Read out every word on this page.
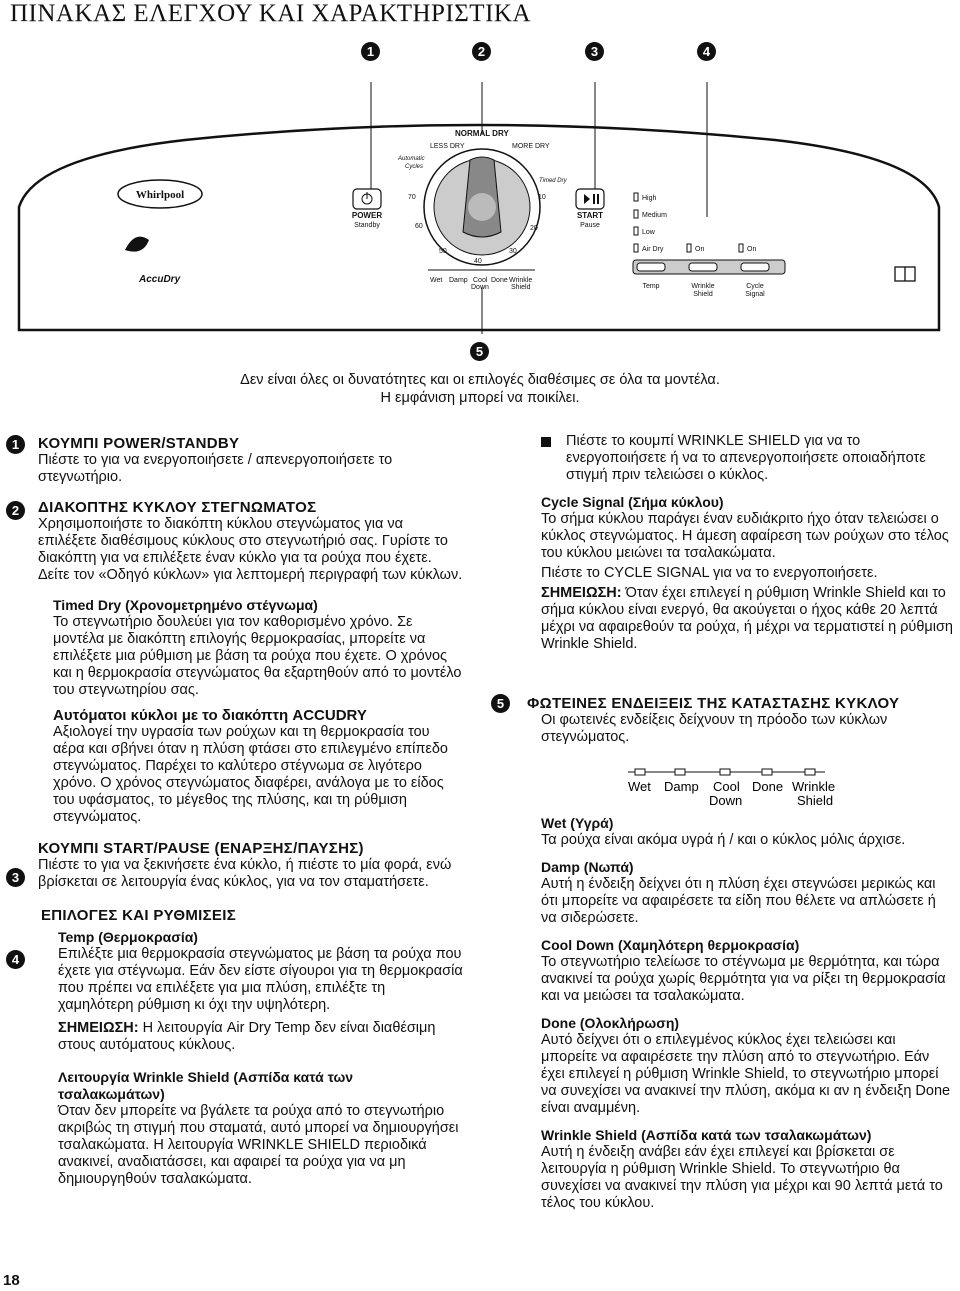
ΠΙΝΑΚΑΣ ΕΛΕΓΧΟΥ ΚΑΙ ΧΑΡΑΚΤΗΡΙΣΤΙΚΑ
1	2	3	4
Whirlpool
AccuDry
POWER
Standby
LESS DRY
NORMAL DRY
MORE DRY
Automatic
Cycles
Timed Dry
70
60
50
40
30
20
10
Wet Damp Cool Done Wrinkle
Down	Shield
START
Pause
High
Medium
Low
Air Dry	On	On
Temp	Wrinkle
Shield
Cycle
Signal
5
Δεν είναι όλες οι δυνατότητες και οι επιλογές διαθέσιμες σε όλα τα μοντέλα.
Η εμφάνιση μπορεί να ποικίλει.
1
2
3
4
5

ΚΟΥΜΠΙ POWER/STANDBY

Πιέστε το για να ενεργοποιήσετε / απενεργοποιήσετε το στεγνωτήριο.

ΔΙΑΚΟΠΤΗΣ ΚΥΚΛΟΥ ΣΤΕΓΝΩΜΑΤΟΣ

Χρησιμοποιήστε το διακόπτη κύκλου στεγνώματος για να επιλέξετε διαθέσιμους κύκλους στο στεγνωτήριό σας. Γυρίστε το διακόπτη για να επιλέξετε έναν κύκλο για τα ρούχα που έχετε. Δείτε τον «Οδηγό κύκλων» για λεπτομερή περιγραφή των κύκλων.

Timed Dry (Χρονομετρημένο στέγνωμα)

Το στεγνωτήριο δουλεύει για τον καθορισμένο χρόνο. Σε μοντέλα με διακόπτη επιλογής θερμοκρασίας, μπορείτε να επιλέξετε μια ρύθμιση με βάση τα ρούχα που έχετε. Ο χρόνος και η θερμοκρασία στεγνώματος θα εξαρτηθούν από το μοντέλο του στεγνωτηρίου σας.

Αυτόματοι κύκλοι με το διακόπτη ACCUDRY

Αξιολογεί την υγρασία των ρούχων και τη θερμοκρασία του αέρα και σβήνει όταν η πλύση φτάσει στο επιλεγμένο επίπεδο στεγνώματος. Παρέχει το καλύτερο στέγνωμα σε λιγότερο χρόνο. Ο χρόνος στεγνώματος διαφέρει, ανάλογα με το είδος του υφάσματος, το μέγεθος της πλύσης, και τη ρύθμιση στεγνώματος.

ΚΟΥΜΠΙ START/PAUSE (ΕΝΑΡΞΗΣ/ΠΑΥΣΗΣ)

Πιέστε το για να ξεκινήσετε ένα κύκλο, ή πιέστε το μία φορά, ενώ βρίσκεται σε λειτουργία ένας κύκλος, για να τον σταματήσετε.

ΕΠΙΛΟΓΕΣ ΚΑΙ ΡΥΘΜΙΣΕΙΣ

Temp (Θερμοκρασία)

Επιλέξτε μια θερμοκρασία στεγνώματος με βάση τα ρούχα που έχετε για στέγνωμα. Εάν δεν είστε σίγουροι για τη θερμοκρασία που πρέπει να επιλέξετε για μια πλύση, επιλέξτε τη χαμηλότερη ρύθμιση κι όχι την υψηλότερη.

ΣΗΜΕΙΩΣΗ: Η λειτουργία Air Dry Temp δεν είναι διαθέσιμη στους αυτόματους κύκλους.

Λειτουργία Wrinkle Shield (Ασπίδα κατά των τσαλακωμάτων)

Όταν δεν μπορείτε να βγάλετε τα ρούχα από το στεγνωτήριο ακριβώς τη στιγμή που σταματά, αυτό μπορεί να δημιουργήσει τσαλακώματα. Η λειτουργία WRINKLE SHIELD περιοδικά ανακινεί, αναδιατάσσει, και αφαιρεί τα ρούχα για να μη δημιουργηθούν τσαλακώματα.

Πιέστε το κουμπί WRINKLE SHIELD για να το ενεργοποιήσετε ή να το απενεργοποιήσετε οποιαδήποτε στιγμή πριν τελειώσει ο κύκλος.

Cycle Signal (Σήμα κύκλου)

Το σήμα κύκλου παράγει έναν ευδιάκριτο ήχο όταν τελειώσει ο κύκλος στεγνώματος. Η άμεση αφαίρεση των ρούχων στο τέλος του κύκλου μειώνει τα τσαλακώματα.

Πιέστε το CYCLE SIGNAL για να το ενεργοποιήσετε.

ΣΗΜΕΙΩΣΗ: Όταν έχει επιλεγεί η ρύθμιση Wrinkle Shield και το σήμα κύκλου είναι ενεργό, θα ακούγεται ο ήχος κάθε 20 λεπτά μέχρι να αφαιρεθούν τα ρούχα, ή μέχρι να τερματιστεί η ρύθμιση Wrinkle Shield.

ΦΩΤΕΙΝΕΣ ΕΝΔΕΙΞΕΙΣ ΤΗΣ ΚΑΤΑΣΤΑΣΗΣ ΚΥΚΛΟΥ

Οι φωτεινές ενδείξεις δείχνουν τη πρόοδο των κύκλων στεγνώματος.

Wet Damp Cool Done Wrinkle
Down	Shield

Wet (Υγρά)

Τα ρούχα είναι ακόμα υγρά ή / και ο κύκλος μόλις άρχισε.

Damp (Νωπά)

Αυτή η ένδειξη δείχνει ότι η πλύση έχει στεγνώσει μερικώς και ότι μπορείτε να αφαιρέσετε τα είδη που θέλετε να απλώσετε ή να σιδερώσετε.

Cool Down (Χαμηλότερη θερμοκρασία)

Το στεγνωτήριο τελείωσε το στέγνωμα με θερμότητα, και τώρα ανακινεί τα ρούχα χωρίς θερμότητα για να ρίξει τη θερμοκρασία και να μειώσει τα τσαλακώματα.

Done (Ολοκλήρωση)

Αυτό δείχνει ότι ο επιλεγμένος κύκλος έχει τελειώσει και μπορείτε να αφαιρέσετε την πλύση από το στεγνωτήριο. Εάν έχει επιλεγεί η ρύθμιση Wrinkle Shield, το στεγνωτήριο μπορεί να συνεχίσει να ανακινεί την πλύση, ακόμα κι αν η ένδειξη Done είναι αναμμένη.

Wrinkle Shield (Ασπίδα κατά των τσαλακωμάτων)

Αυτή η ένδειξη ανάβει εάν έχει επιλεγεί και βρίσκεται σε λειτουργία η ρύθμιση Wrinkle Shield. Το στεγνωτήριο θα συνεχίσει να ανακινεί την πλύση για μέχρι και 90 λεπτά μετά το τέλος του κύκλου.

18
